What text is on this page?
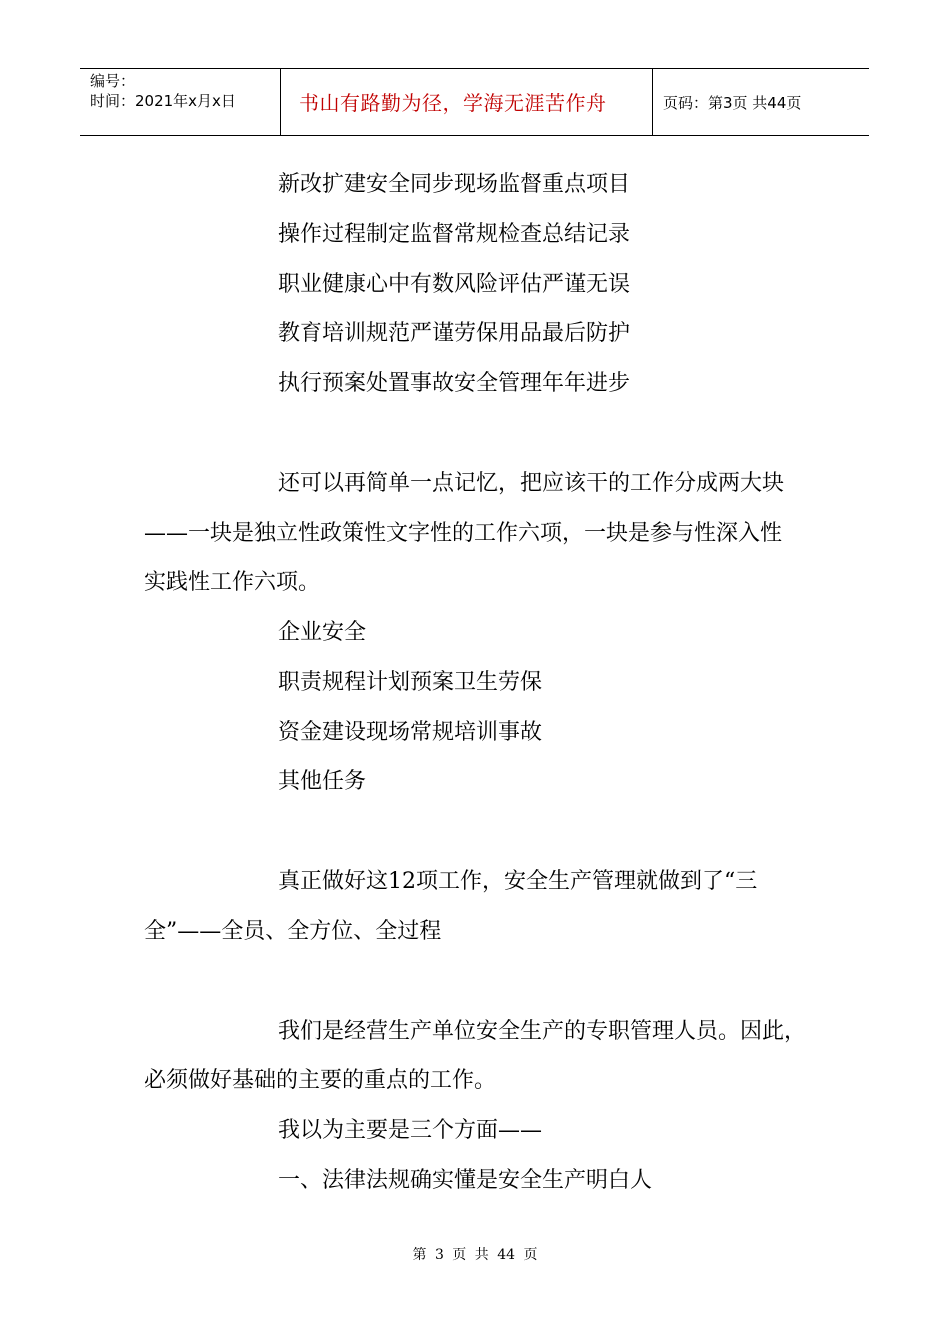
编号：
时间：2021年x月x日	书山有路勤为径，学海无涯苦作舟	页码：第3页 共44页
新改扩建安全同步现场监督重点项目
操作过程制定监督常规检查总结记录
职业健康心中有数风险评估严谨无误
教育培训规范严谨劳保用品最后防护
执行预案处置事故安全管理年年进步
还可以再简单一点记忆，把应该干的工作分成两大块
——一块是独立性政策性文字性的工作六项，一块是参与性深入性
实践性工作六项。
企业安全
职责规程计划预案卫生劳保
资金建设现场常规培训事故
其他任务
真正做好这12项工作，安全生产管理就做到了“三
全”——全员、全方位、全过程
我们是经营生产单位安全生产的专职管理人员。因此，
必须做好基础的主要的重点的工作。
我以为主要是三个方面——
一、法律法规确实懂是安全生产明白人
第 3 页 共 44 页
